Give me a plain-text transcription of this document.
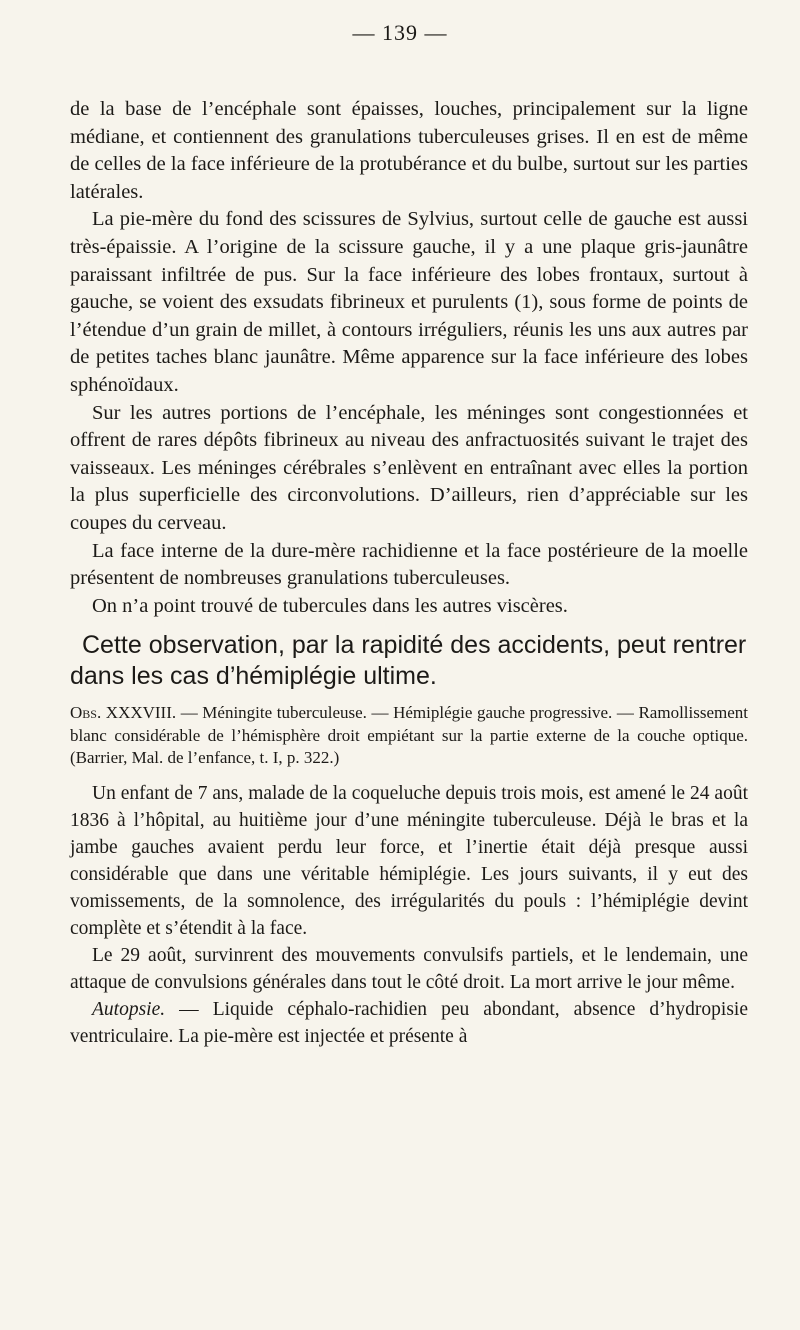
— 139 —

de la base de l’encéphale sont épaisses, louches, principalement sur la ligne médiane, et contiennent des granulations tuberculeuses grises. Il en est de même de celles de la face inférieure de la protubérance et du bulbe, surtout sur les parties latérales.

La pie-mère du fond des scissures de Sylvius, surtout celle de gauche est aussi très-épaissie. A l’origine de la scissure gauche, il y a une plaque gris-jaunâtre paraissant infiltrée de pus. Sur la face inférieure des lobes frontaux, surtout à gauche, se voient des exsudats fibrineux et purulents (1), sous forme de points de l’étendue d’un grain de millet, à contours irréguliers, réunis les uns aux autres par de petites taches blanc jaunâtre. Même apparence sur la face inférieure des lobes sphénoïdaux.

Sur les autres portions de l’encéphale, les méninges sont congestionnées et offrent de rares dépôts fibrineux au niveau des anfractuosités suivant le trajet des vaisseaux. Les méninges cérébrales s’enlèvent en entraînant avec elles la portion la plus superficielle des circonvolutions. D’ailleurs, rien d’appréciable sur les coupes du cerveau.

La face interne de la dure-mère rachidienne et la face postérieure de la moelle présentent de nombreuses granulations tuberculeuses.

On n’a point trouvé de tubercules dans les autres viscères.

Cette observation, par la rapidité des accidents, peut rentrer dans les cas d’hémiplégie ultime.

Obs. XXXVIII. — Méningite tuberculeuse. — Hémiplégie gauche progressive. — Ramollissement blanc considérable de l’hémisphère droit empiétant sur la partie externe de la couche optique. (Barrier, Mal. de l’enfance, t. I, p. 322.)

Un enfant de 7 ans, malade de la coqueluche depuis trois mois, est amené le 24 août 1836 à l’hôpital, au huitième jour d’une méningite tuberculeuse. Déjà le bras et la jambe gauches avaient perdu leur force, et l’inertie était déjà presque aussi considérable que dans une véritable hémiplégie. Les jours suivants, il y eut des vomissements, de la somnolence, des irrégularités du pouls : l’hémiplégie devint complète et s’étendit à la face.

Le 29 août, survinrent des mouvements convulsifs partiels, et le lendemain, une attaque de convulsions générales dans tout le côté droit. La mort arrive le jour même.

Autopsie. — Liquide céphalo-rachidien peu abondant, absence d’hydropisie ventriculaire. La pie-mère est injectée et présente à
